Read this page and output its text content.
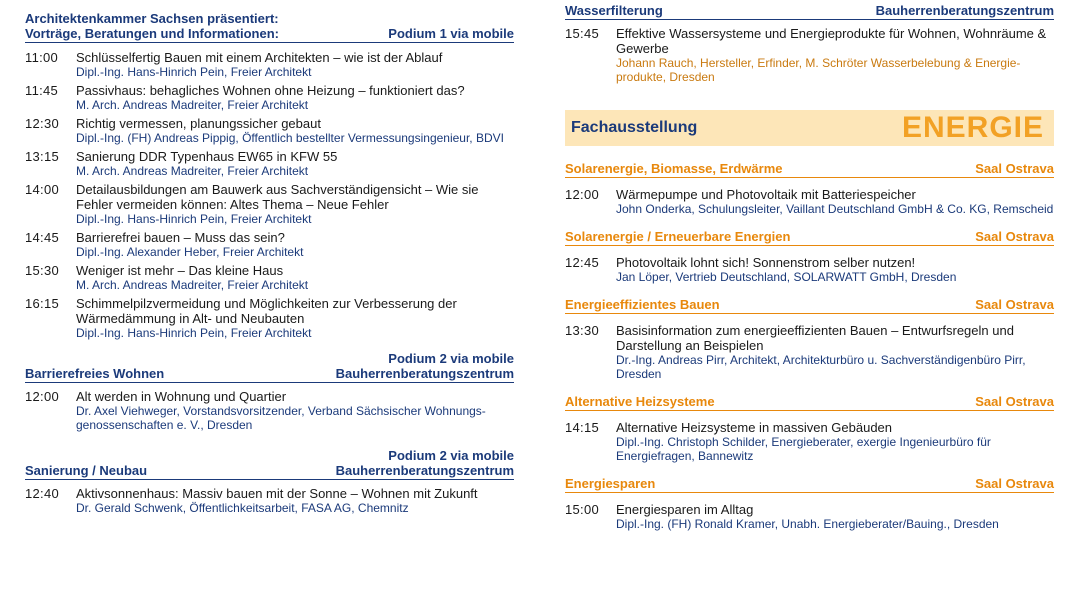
Architektenkammer Sachsen präsentiert:
Vorträge, Beratungen und Informationen:	Podium 1 via mobile
11:00	Schlüsselfertig Bauen mit einem Architekten – wie ist der Ablauf
Dipl.-Ing. Hans-Hinrich Pein, Freier Architekt
11:45	Passivhaus: behagliches Wohnen ohne Heizung – funktioniert das?
M. Arch. Andreas Madreiter, Freier Architekt
12:30	Richtig vermessen, planungssicher gebaut
Dipl.-Ing. (FH) Andreas Pippig, Öffentlich bestellter Vermessungsingenieur, BDVI
13:15	Sanierung DDR Typenhaus EW65 in KFW 55
M. Arch. Andreas Madreiter, Freier Architekt
14:00	Detailausbildungen am Bauwerk aus Sachverständigensicht – Wie sie Fehler vermeiden können: Altes Thema – Neue Fehler
Dipl.-Ing. Hans-Hinrich Pein, Freier Architekt
14:45	Barrierefrei bauen – Muss das sein?
Dipl.-Ing. Alexander Heber, Freier Architekt
15:30	Weniger ist mehr – Das kleine Haus
M. Arch. Andreas Madreiter, Freier Architekt
16:15	Schimmelpilzvermeidung und Möglichkeiten zur Verbesserung der Wärmedämmung in Alt- und Neubauten
Dipl.-Ing. Hans-Hinrich Pein, Freier Architekt
Barrierefreies Wohnen
Podium 2 via mobile
Bauherrenberatungszentrum
12:00	Alt werden in Wohnung und Quartier
Dr. Axel Viehweger, Vorstandsvorsitzender, Verband Sächsischer Wohnungs-genossenschaften e. V., Dresden
Sanierung / Neubau
Podium 2 via mobile
Bauherrenberatungszentrum
12:40	Aktivsonnenhaus: Massiv bauen mit der Sonne – Wohnen mit Zukunft
Dr. Gerald Schwenk, Öffentlichkeitsarbeit, FASA AG, Chemnitz
Wasserfilterung	Bauherrenberatungszentrum
15:45	Effektive Wassersysteme und Energieprodukte für Wohnen, Wohnräume & Gewerbe
Johann Rauch, Hersteller, Erfinder, M. Schröter Wasserbelebung & Energie-produkte, Dresden
Fachausstellung	ENERGIE
Solarenergie, Biomasse, Erdwärme	Saal Ostrava
12:00	Wärmepumpe und Photovoltaik mit Batteriespeicher
John Onderka, Schulungsleiter, Vaillant Deutschland GmbH & Co. KG, Remscheid
Solarenergie / Erneuerbare Energien	Saal Ostrava
12:45	Photovoltaik lohnt sich! Sonnenstrom selber nutzen!
Jan Löper, Vertrieb Deutschland, SOLARWATT GmbH, Dresden
Energieeffizientes Bauen	Saal Ostrava
13:30	Basisinformation zum energieeffizienten Bauen – Entwurfsregeln und Darstellung an Beispielen
Dr.-Ing. Andreas Pirr, Architekt, Architekturbüro u. Sachverständigenbüro Pirr, Dresden
Alternative Heizsysteme	Saal Ostrava
14:15	Alternative Heizsysteme in massiven Gebäuden
Dipl.-Ing. Christoph Schilder, Energieberater, exergie Ingenieurbüro für Energiefragen, Bannewitz
Energiesparen	Saal Ostrava
15:00	Energiesparen im Alltag
Dipl.-Ing. (FH) Ronald Kramer, Unabh. Energieberater/Bauing., Dresden
